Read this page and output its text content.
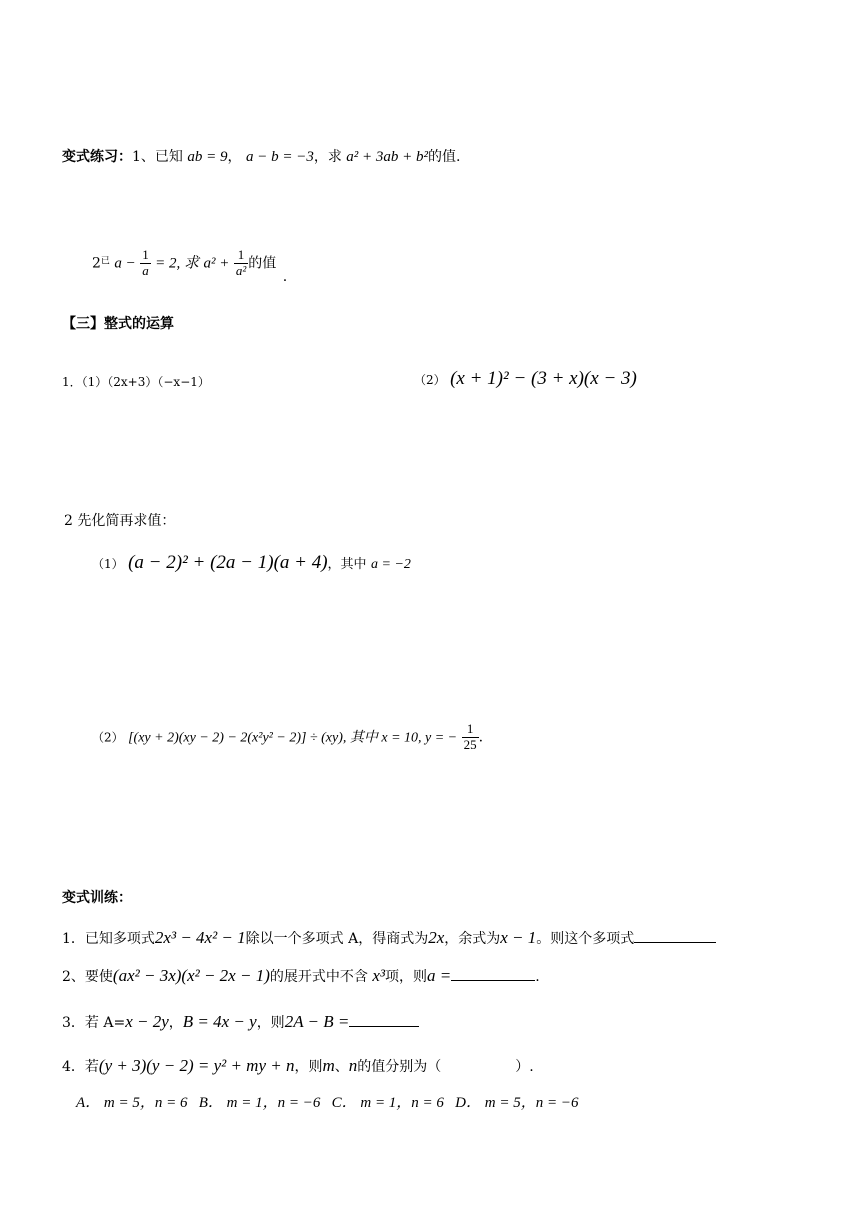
变式练习：1、已知 ab = 9， a − b = −3，求 a² + 3ab + b²的值.
$2^已$ $a - \frac{1}{a} = 2$, 求 $a^2 + \frac{1}{\text{a²}}$ 的值 .
【三】整式的运算
1．（1）（2x+3）（−x−1）	（2） (x + 1)² − (3 + x)(x − 3)
2 先化简再求值：
（1） (a − 2)² + (2a − 1)(a + 4)，其中 a = −2
（2） [(xy + 2)(xy − 2) − 2(x²y² − 2)] ÷ (xy), 其中 x = 10, y = − $\frac{1}{25}$ .
变式训练：
1．已知多项式2x³ − 4x² − 1除以一个多项式 A，得商式为2x，余式为x − 1。则这个多项式
2、要使(ax² − 3x)(x² − 2x − 1)的展开式中不含 x³项，则a =	.
3．若 A=x − 2y，B = 4x − y，则2A − B =
4．若(y + 3)(y − 2) = y² + my + n，则m、n的值分别为（	）.
A． m = 5，n = 6   B． m = 1，n = −6   C． m = 1，n = 6   D． m = 5，n = −6
